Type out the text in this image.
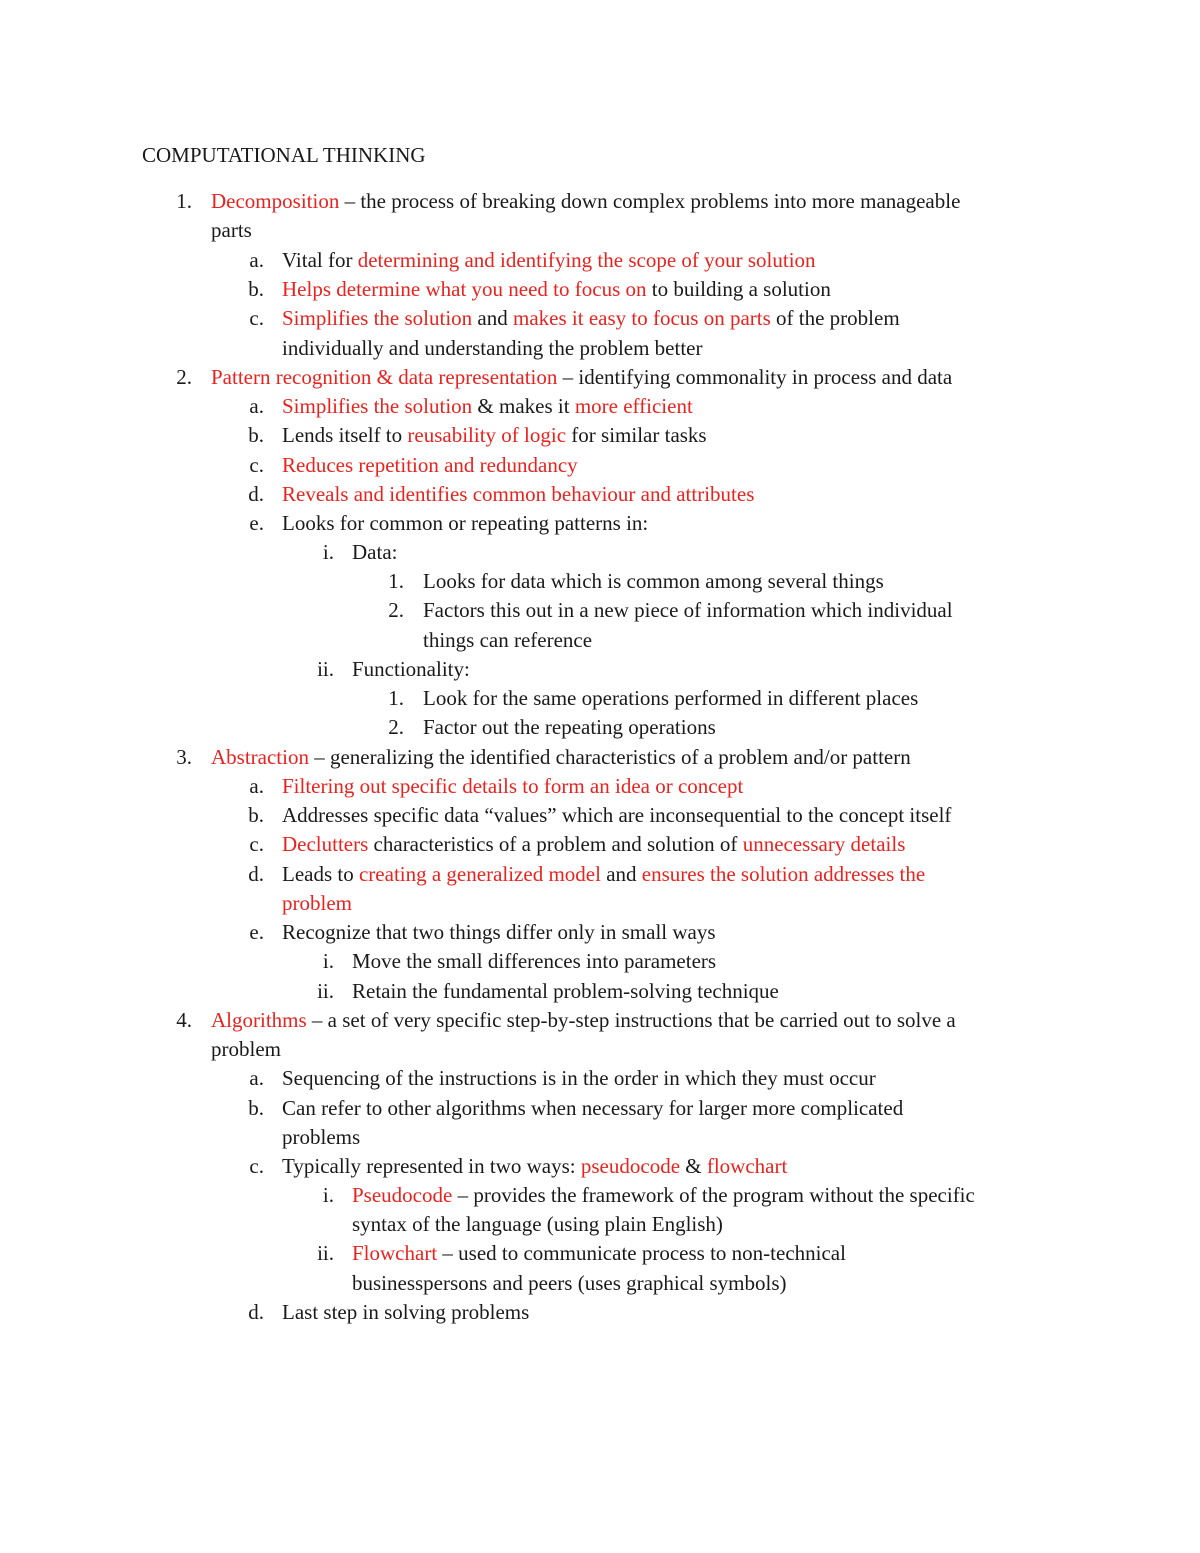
COMPUTATIONAL THINKING
1. Decomposition – the process of breaking down complex problems into more manageable
parts
a. Vital for determining and identifying the scope of your solution
b. Helps determine what you need to focus on to building a solution
c. Simplifies the solution and makes it easy to focus on parts of the problem
individually and understanding the problem better
2. Pattern recognition & data representation – identifying commonality in process and data
a. Simplifies the solution & makes it more efficient
b. Lends itself to reusability of logic for similar tasks
c. Reduces repetition and redundancy
d. Reveals and identifies common behaviour and attributes
e. Looks for common or repeating patterns in:
i. Data:
1. Looks for data which is common among several things
2. Factors this out in a new piece of information which individual
things can reference
ii. Functionality:
1. Look for the same operations performed in different places
2. Factor out the repeating operations
3. Abstraction – generalizing the identified characteristics of a problem and/or pattern
a. Filtering out specific details to form an idea or concept
b. Addresses specific data “values” which are inconsequential to the concept itself
c. Declutters characteristics of a problem and solution of unnecessary details
d. Leads to creating a generalized model and ensures the solution addresses the
problem
e. Recognize that two things differ only in small ways
i. Move the small differences into parameters
ii. Retain the fundamental problem-solving technique
4. Algorithms – a set of very specific step-by-step instructions that be carried out to solve a
problem
a. Sequencing of the instructions is in the order in which they must occur
b. Can refer to other algorithms when necessary for larger more complicated
problems
c. Typically represented in two ways: pseudocode & flowchart
i. Pseudocode – provides the framework of the program without the specific
syntax of the language (using plain English)
ii. Flowchart – used to communicate process to non-technical
businesspersons and peers (uses graphical symbols)
d. Last step in solving problems
